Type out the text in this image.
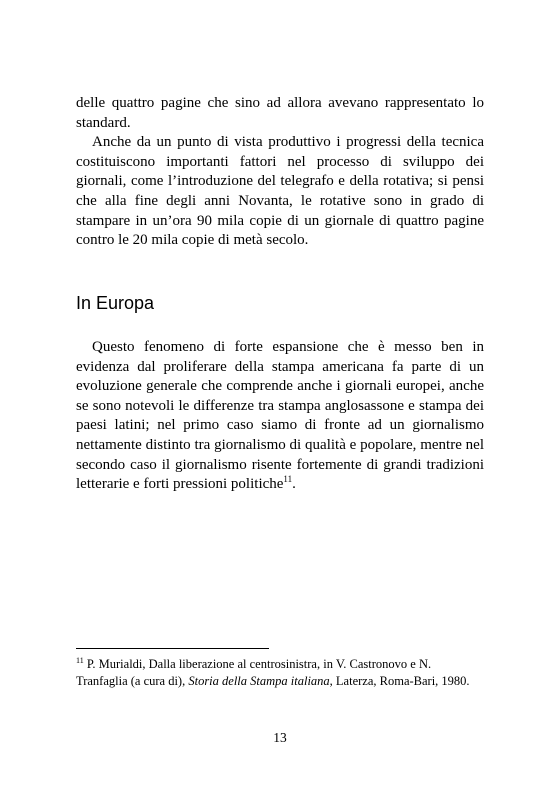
delle quattro pagine che sino ad allora avevano rappresentato lo standard.

Anche da un punto di vista produttivo i progressi della tecnica costituiscono importanti fattori nel processo di sviluppo dei giornali, come l’introduzione del telegrafo e della rotativa; si pensi che alla fine degli anni Novanta, le rotative sono in grado di stampare in un’ora 90 mila copie di un giornale di quattro pagine contro le 20 mila copie di metà secolo.

In Europa

Questo fenomeno di forte espansione che è messo ben in evidenza dal proliferare della stampa americana fa parte di un evoluzione generale che comprende anche i giornali europei, anche se sono notevoli le differenze tra stampa anglosassone e stampa dei paesi latini; nel primo caso siamo di fronte ad un giornalismo nettamente distinto tra giornalismo di qualità e popolare, mentre nel secondo caso il giornalismo risente fortemente di grandi tradizioni letterarie e forti pressioni politiche$^{11}$.

$^{11}$ P. Murialdi, Dalla liberazione al centrosinistra, in V. Castronovo e N. Tranfaglia (a cura di), Storia della Stampa italiana, Laterza, Roma-Bari, 1980.
13
